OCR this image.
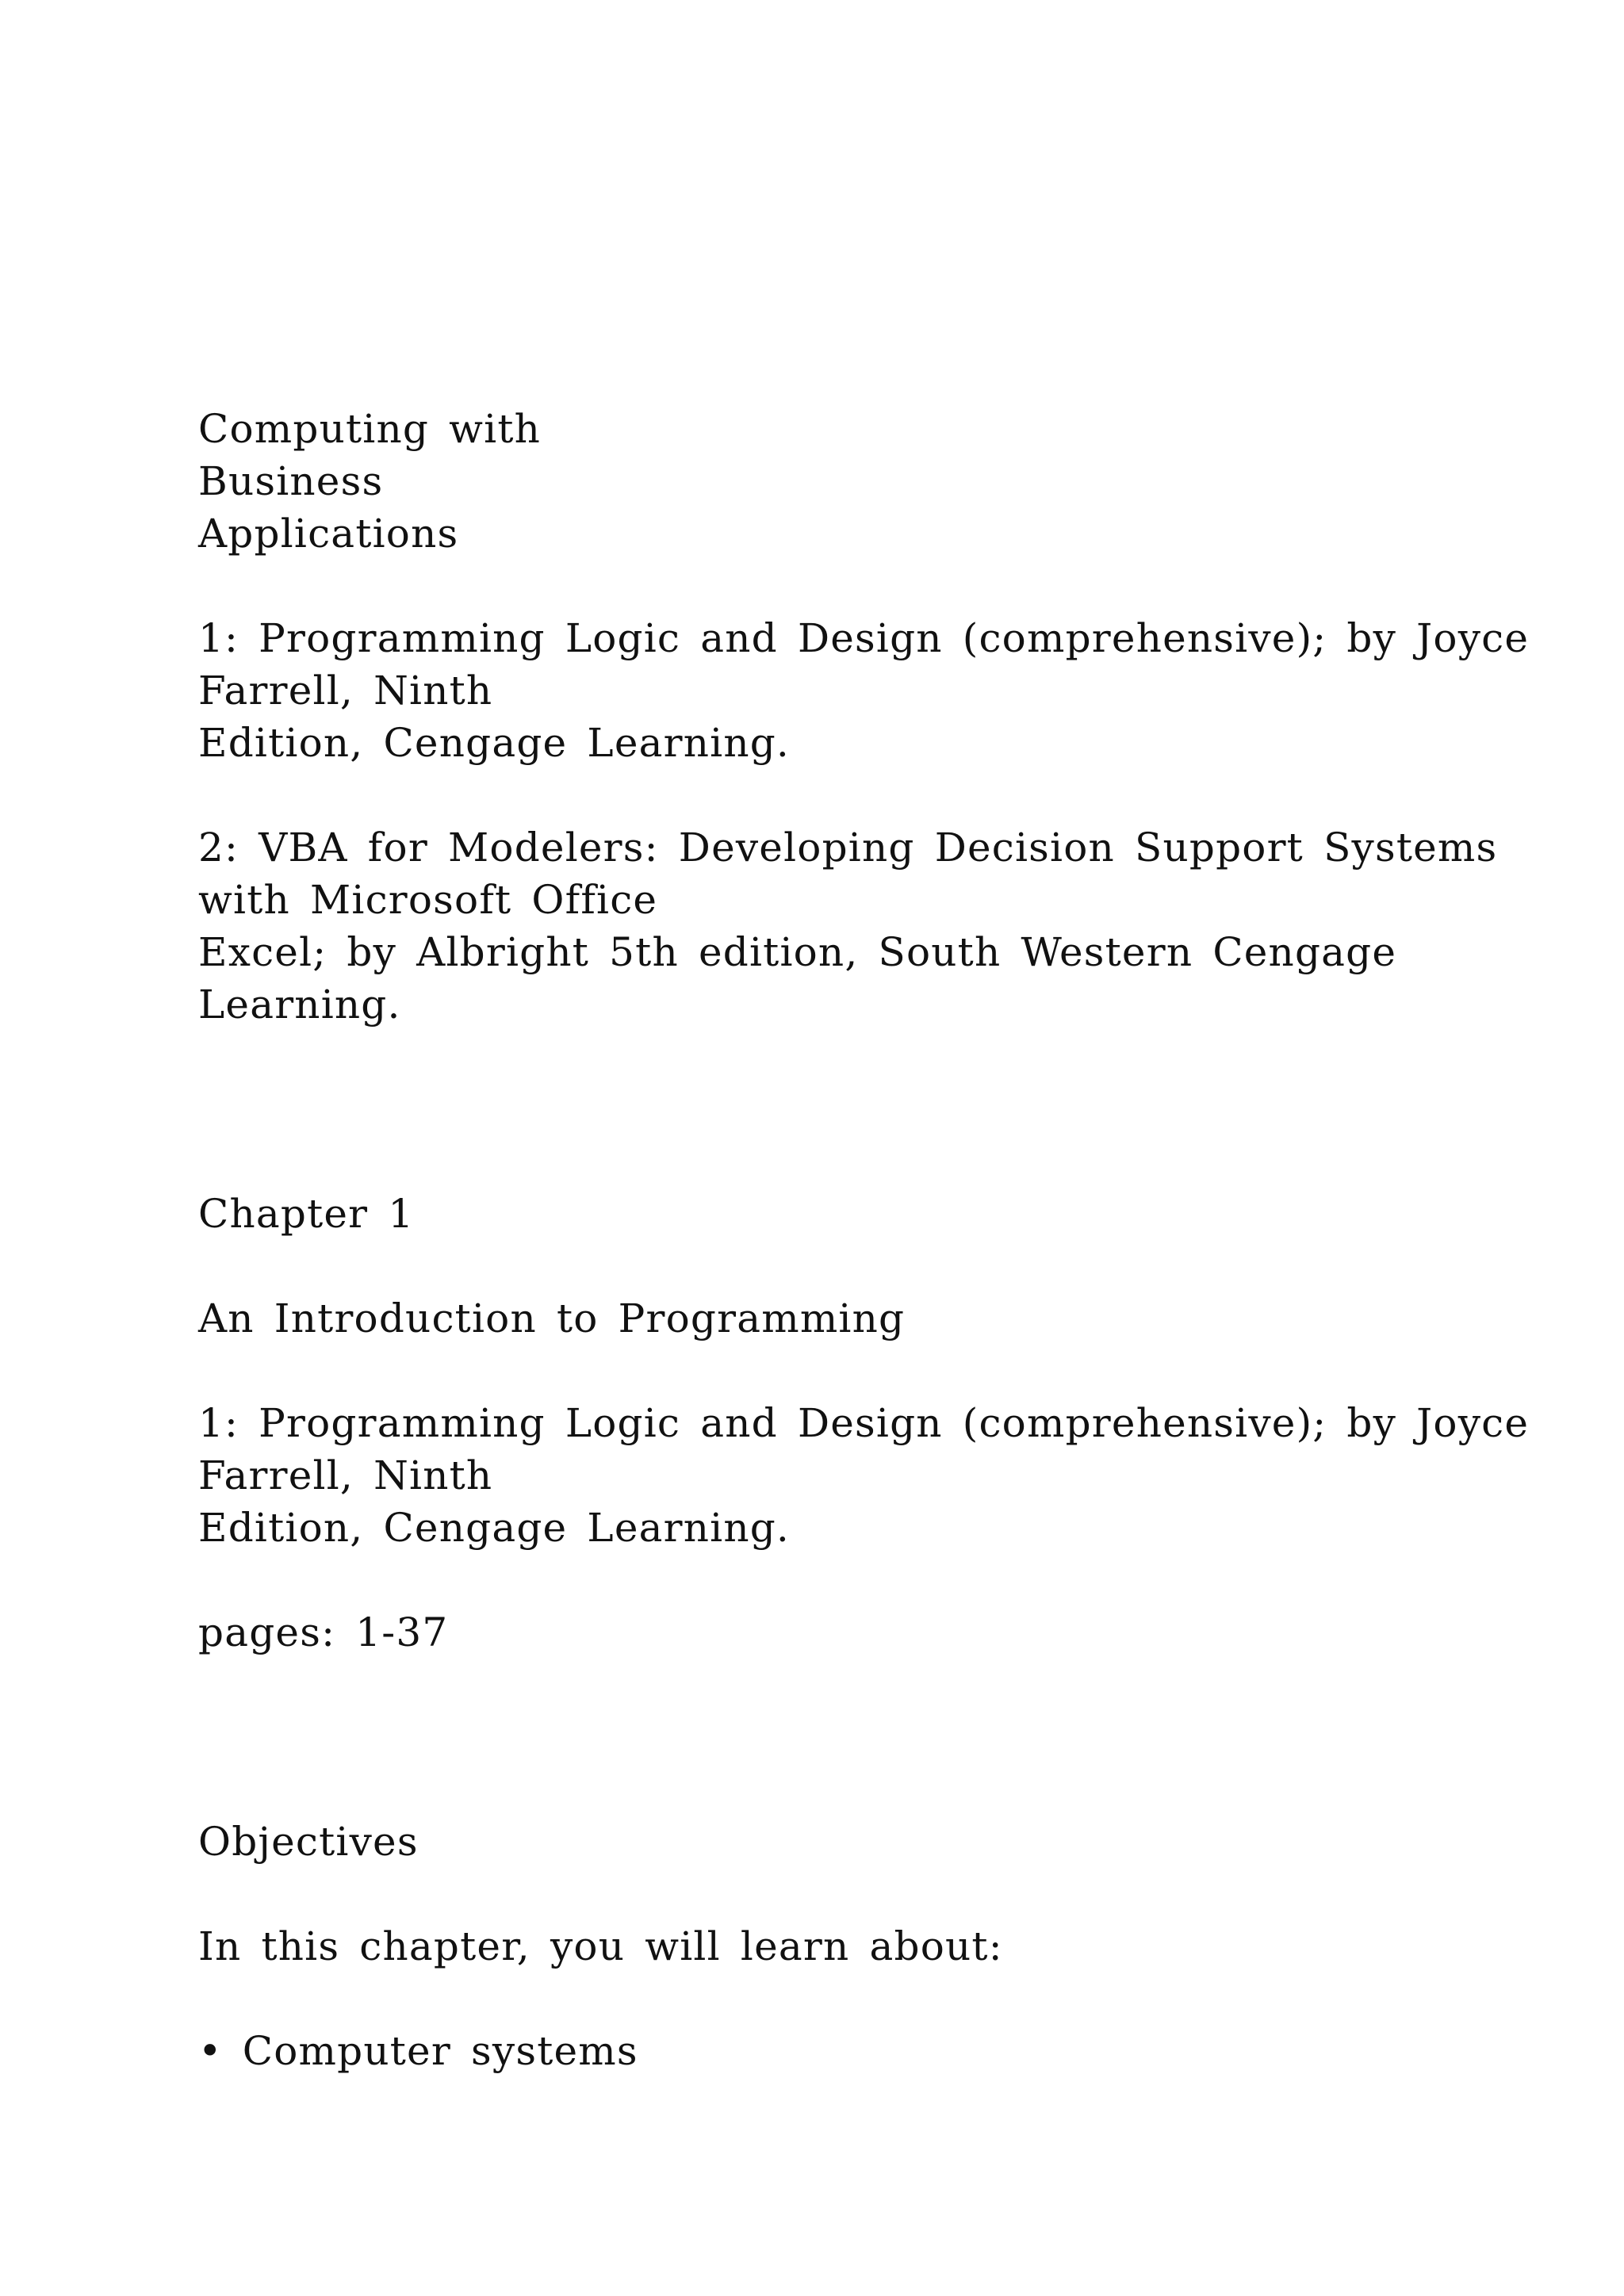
Computing with
Business
Applications
1: Programming Logic and Design (comprehensive); by Joyce
Farrell, Ninth
Edition, Cengage Learning.
2: VBA for Modelers: Developing Decision Support Systems
with Microsoft Office
Excel; by Albright 5th edition, South Western Cengage
Learning.
Chapter 1
An Introduction to Programming
1: Programming Logic and Design (comprehensive); by Joyce
Farrell, Ninth
Edition, Cengage Learning.
pages: 1-37
Objectives
In this chapter, you will learn about:
• Computer systems
